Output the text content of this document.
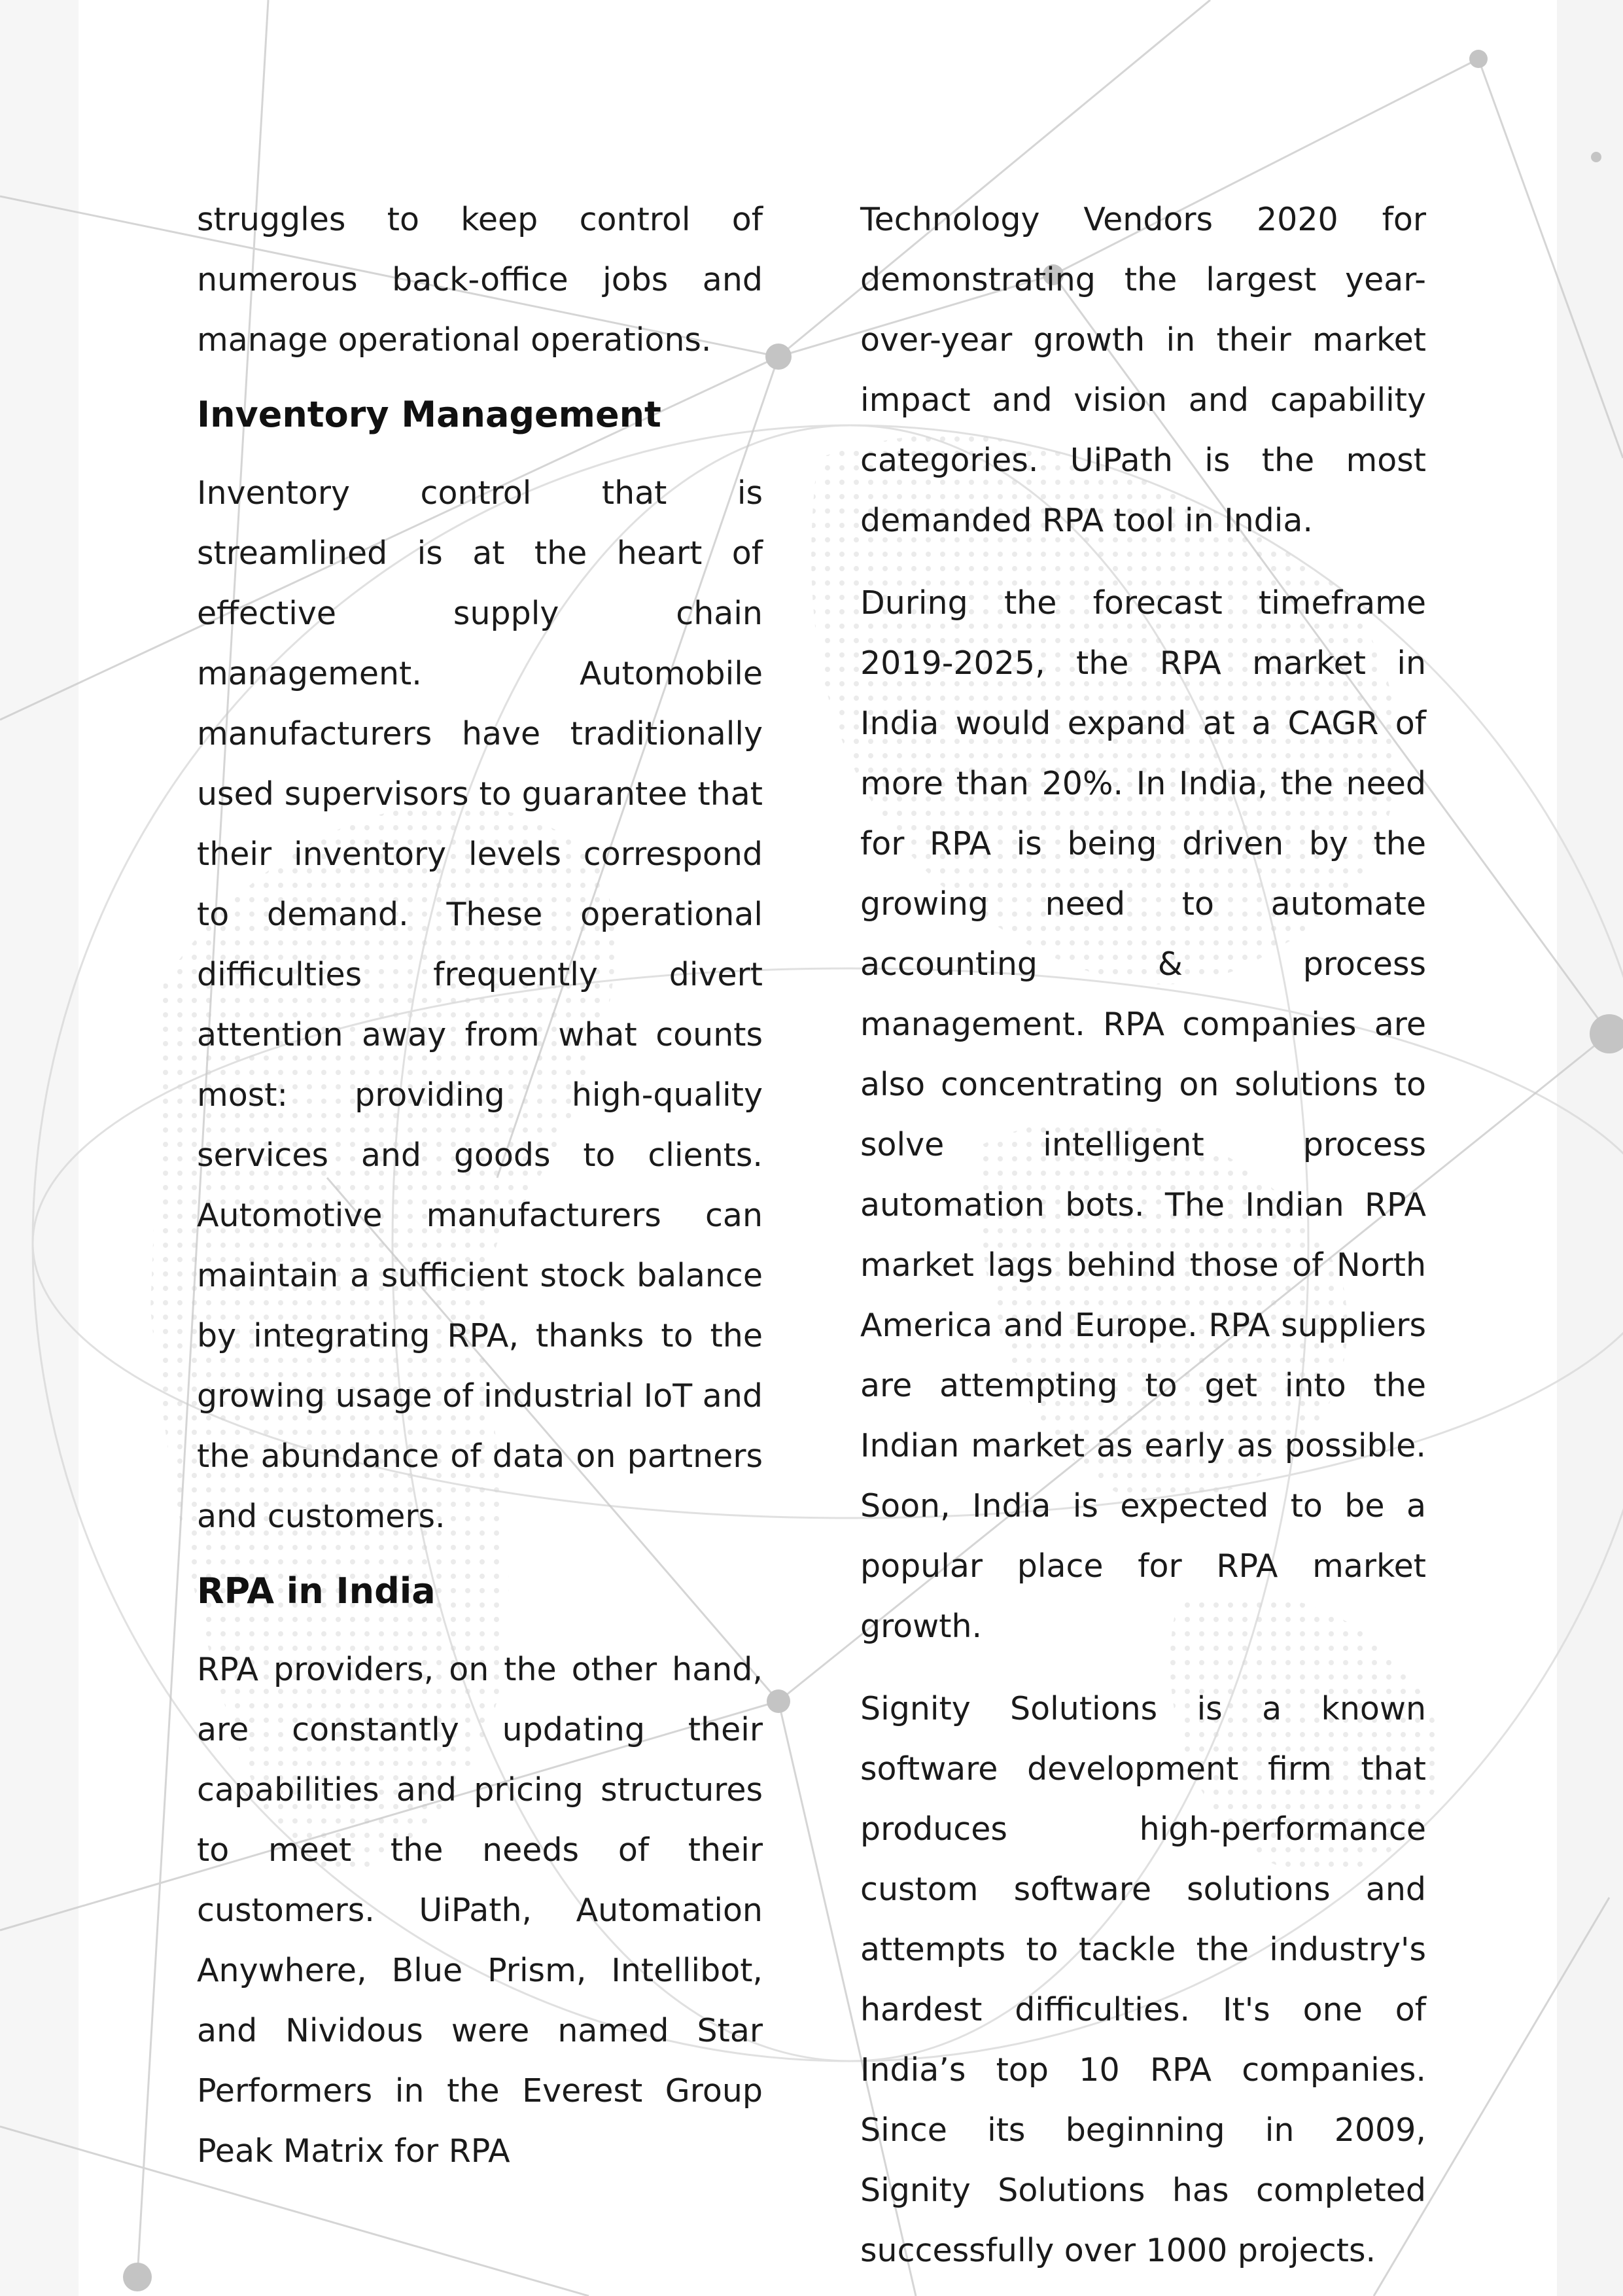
struggles to keep control of numerous back-office jobs and manage operational operations.

Inventory Management

Inventory control that is streamlined is at the heart of effective supply chain management. Automobile manufacturers have traditionally used supervisors to guarantee that their inventory levels correspond to demand. These operational difficulties frequently divert attention away from what counts most: providing high-quality services and goods to clients. Automotive manufacturers can maintain a sufficient stock balance by integrating RPA, thanks to the growing usage of industrial IoT and the abundance of data on partners and customers.

RPA in India

RPA providers, on the other hand, are constantly updating their capabilities and pricing structures to meet the needs of their customers. UiPath, Automation Anywhere, Blue Prism, Intellibot, and Nividous were named Star Performers in the Everest Group Peak Matrix for RPA

Technology Vendors 2020 for demonstrating the largest year-over-year growth in their market impact and vision and capability categories. UiPath is the most demanded RPA tool in India.

During the forecast timeframe 2019-2025, the RPA market in India would expand at a CAGR of more than 20%. In India, the need for RPA is being driven by the growing need to automate accounting & process management. RPA companies are also concentrating on solutions to solve intelligent process automation bots. The Indian RPA market lags behind those of North America and Europe. RPA suppliers are attempting to get into the Indian market as early as possible. Soon, India is expected to be a popular place for RPA market growth.

Signity Solutions is a known software development firm that produces high-performance custom software solutions and attempts to tackle the industry's hardest difficulties. It's one of India’s top 10 RPA companies. Since its beginning in 2009, Signity Solutions has completed successfully over 1000 projects.
